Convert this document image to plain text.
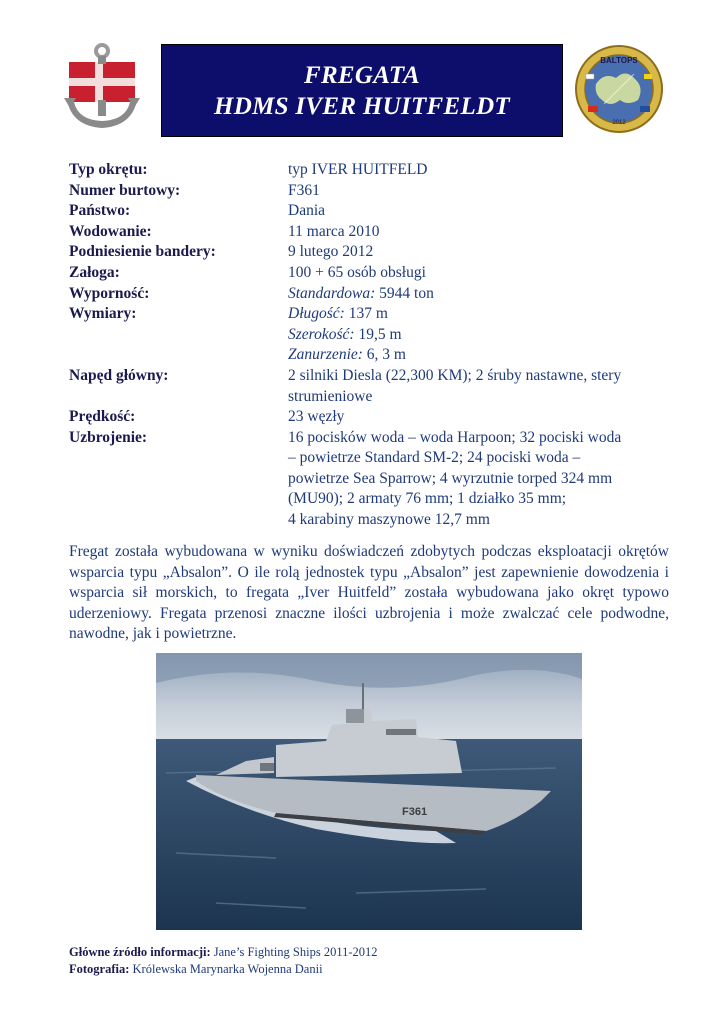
FREGATA
HDMS IVER HUITFELDT
BALTOPS
2012
Typ okrętu:	typ IVER HUITFELD
Numer burtowy:	F361
Państwo:	Dania
Wodowanie:	11 marca 2010
Podniesienie bandery:	9 lutego 2012
Załoga:	100 + 65 osób obsługi
Wyporność:	Standardowa: 5944 ton
Wymiary:	Długość: 137 m
Szerokość: 19,5 m
Zanurzenie: 6, 3 m
Napęd główny:	2 silniki Diesla (22,300 KM); 2 śruby nastawne, stery
strumieniowe
Prędkość:	23 węzły
Uzbrojenie:	16 pocisków woda – woda Harpoon; 32 pociski woda
– powietrze Standard SM-2; 24 pociski woda –
powietrze Sea Sparrow; 4 wyrzutnie torped 324 mm
(MU90); 2 armaty 76 mm; 1 działko 35 mm;
4 karabiny maszynowe 12,7 mm
Fregat została wybudowana w wyniku doświadczeń zdobytych podczas eksploatacji okrętów wsparcia typu „Absalon”. O ile rolą jednostek typu „Absalon” jest zapewnienie dowodzenia i wsparcia sił morskich, to fregata „Iver Huitfeld” została wybudowana jako okręt typowo uderzeniowy. Fregata przenosi znaczne ilości uzbrojenia i może zwalczać cele podwodne, nawodne, jak i powietrzne.
F361
Główne źródło informacji: Jane’s Fighting Ships 2011-2012
Fotografia: Królewska Marynarka Wojenna Danii
